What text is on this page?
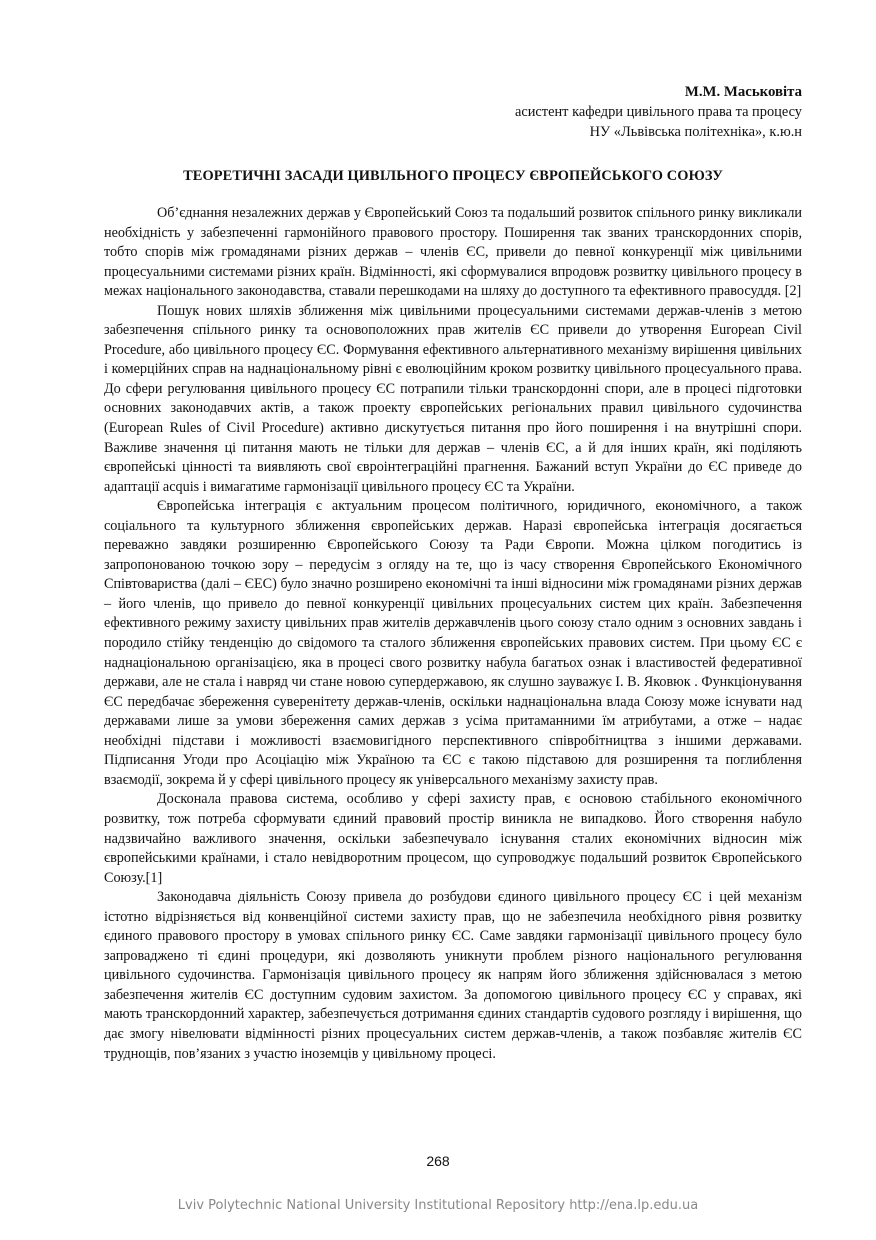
М.М. Маськовіта
асистент кафедри цивільного права та процесу
НУ «Львівська політехніка», к.ю.н
ТЕОРЕТИЧНІ ЗАСАДИ ЦИВІЛЬНОГО ПРОЦЕСУ ЄВРОПЕЙСЬКОГО СОЮЗУ

Об’єднання незалежних держав у Європейський Союз та подальший розвиток спільного ринку викликали необхідність у забезпеченні гармонійного правового простору. Поширення так званих транскордонних спорів, тобто спорів між громадянами різних держав – членів ЄС, привели до певної конкуренції між цивільними процесуальними системами різних країн. Відмінності, які сформувалися впродовж розвитку цивільного процесу в межах національного законодавства, ставали перешкодами на шляху до доступного та ефективного правосуддя. [2]

Пошук нових шляхів зближення між цивільними процесуальними системами держав-членів з метою забезпечення спільного ринку та основоположних прав жителів ЄС привели до утворення European Civil Procedure, або цивільного процесу ЄС. Формування ефективного альтернативного механізму вирішення цивільних і комерційних справ на наднаціональному рівні є еволюційним кроком розвитку цивільного процесуального права. До сфери регулювання цивільного процесу ЄС потрапили тільки транскордонні спори, але в процесі підготовки основних законодавчих актів, а також проекту європейських регіональних правил цивільного судочинства (European Rules of Civil Procedure) активно дискутується питання про його поширення і на внутрішні спори. Важливе значення ці питання мають не тільки для держав – членів ЄС, а й для інших країн, які поділяють європейські цінності та виявляють свої євроінтеграційні прагнення. Бажаний вступ України до ЄС приведе до адаптації acquis і вимагатиме гармонізації цивільного процесу ЄС та України.

Європейська інтеграція є актуальним процесом політичного, юридичного, економічного, а також соціального та культурного зближення європейських держав. Наразі європейська інтеграція досягається переважно завдяки розширенню Європейського Союзу та Ради Європи. Можна цілком погодитись із запропонованою точкою зору – передусім з огляду на те, що із часу створення Європейського Економічного Співтовариства (далі – ЄЕС) було значно розширено економічні та інші відносини між громадянами різних держав – його членів, що привело до певної конкуренції цивільних процесуальних систем цих країн. Забезпечення ефективного режиму захисту цивільних прав жителів державчленів цього союзу стало одним з основних завдань і породило стійку тенденцію до свідомого та сталого зближення європейських правових систем. При цьому ЄС є наднаціональною організацією, яка в процесі свого розвитку набула багатьох ознак і властивостей федеративної держави, але не стала і навряд чи стане новою супердержавою, як слушно зауважує І. В. Яковюк . Функціонування ЄС передбачає збереження суверенітету держав-членів, оскільки наднаціональна влада Союзу може існувати над державами лише за умови збереження самих держав з усіма притаманними їм атрибутами, а отже – надає необхідні підстави і можливості взаємовигідного перспективного співробітництва з іншими державами. Підписання Угоди про Асоціацію між Україною та ЄС є такою підставою для розширення та поглиблення взаємодії, зокрема й у сфері цивільного процесу як універсального механізму захисту прав.

Досконала правова система, особливо у сфері захисту прав, є основою стабільного економічного розвитку, тож потреба сформувати єдиний правовий простір виникла не випадково. Його створення набуло надзвичайно важливого значення, оскільки забезпечувало існування сталих економічних відносин між європейськими країнами, і стало невідворотним процесом, що супроводжує подальший розвиток Європейського Союзу.[1]

Законодавча діяльність Союзу привела до розбудови єдиного цивільного процесу ЄС і цей механізм істотно відрізняється від конвенційної системи захисту прав, що не забезпечила необхідного рівня розвитку єдиного правового простору в умовах спільного ринку ЄС. Саме завдяки гармонізації цивільного процесу було запроваджено ті єдині процедури, які дозволяють уникнути проблем різного національного регулювання цивільного судочинства. Гармонізація цивільного процесу як напрям його зближення здійснювалася з метою забезпечення жителів ЄС доступним судовим захистом. За допомогою цивільного процесу ЄС у справах, які мають транскордонний характер, забезпечується дотримання єдиних стандартів судового розгляду і вирішення, що дає змогу нівелювати відмінності різних процесуальних систем держав-членів, а також позбавляє жителів ЄС труднощів, пов’язаних з участю іноземців у цивільному процесі.

268
Lviv Polytechnic National University Institutional Repository http://ena.lp.edu.ua
